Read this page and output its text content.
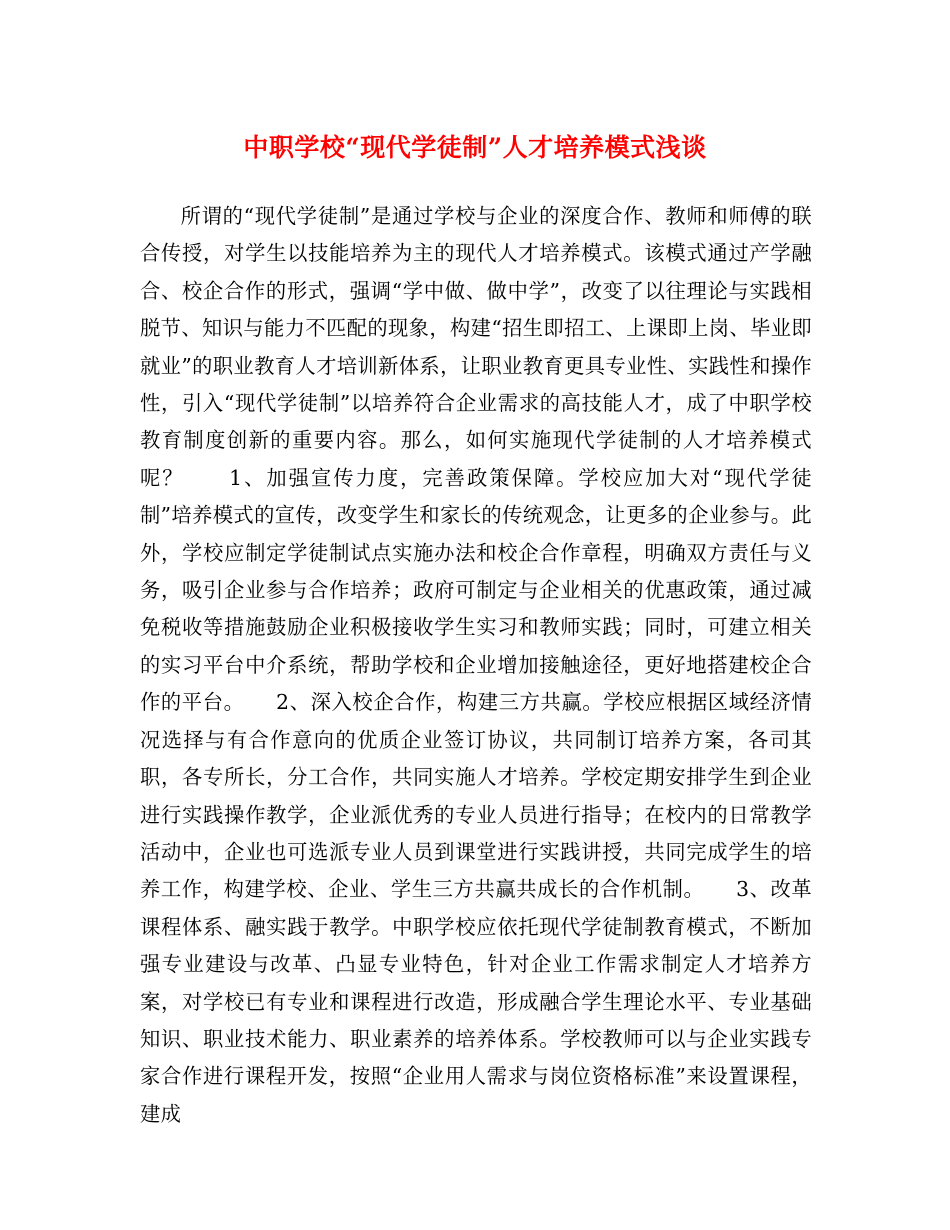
中职学校“现代学徒制”人才培养模式浅谈

所谓的“现代学徒制”是通过学校与企业的深度合作、教师和师傅的联合传授，对学生以技能培养为主的现代人才培养模式。该模式通过产学融合、校企合作的形式，强调“学中做、做中学”，改变了以往理论与实践相脱节、知识与能力不匹配的现象，构建“招生即招工、上课即上岗、毕业即就业”的职业教育人才培训新体系，让职业教育更具专业性、实践性和操作性，引入“现代学徒制”以培养符合企业需求的高技能人才，成了中职学校教育制度创新的重要内容。那么，如何实施现代学徒制的人才培养模式呢？　　1、加强宣传力度，完善政策保障。学校应加大对“现代学徒制”培养模式的宣传，改变学生和家长的传统观念，让更多的企业参与。此外，学校应制定学徒制试点实施办法和校企合作章程，明确双方责任与义务，吸引企业参与合作培养；政府可制定与企业相关的优惠政策，通过减免税收等措施鼓励企业积极接收学生实习和教师实践；同时，可建立相关的实习平台中介系统，帮助学校和企业增加接触途径，更好地搭建校企合作的平台。　　2、深入校企合作，构建三方共赢。学校应根据区域经济情况选择与有合作意向的优质企业签订协议，共同制订培养方案，各司其职，各专所长，分工合作，共同实施人才培养。学校定期安排学生到企业进行实践操作教学，企业派优秀的专业人员进行指导；在校内的日常教学活动中，企业也可选派专业人员到课堂进行实践讲授，共同完成学生的培养工作，构建学校、企业、学生三方共赢共成长的合作机制。　　3、改革课程体系、融实践于教学。中职学校应依托现代学徒制教育模式，不断加强专业建设与改革、凸显专业特色，针对企业工作需求制定人才培养方案，对学校已有专业和课程进行改造，形成融合学生理论水平、专业基础知识、职业技术能力、职业素养的培养体系。学校教师可以与企业实践专家合作进行课程开发，按照“企业用人需求与岗位资格标准”来设置课程，建成
